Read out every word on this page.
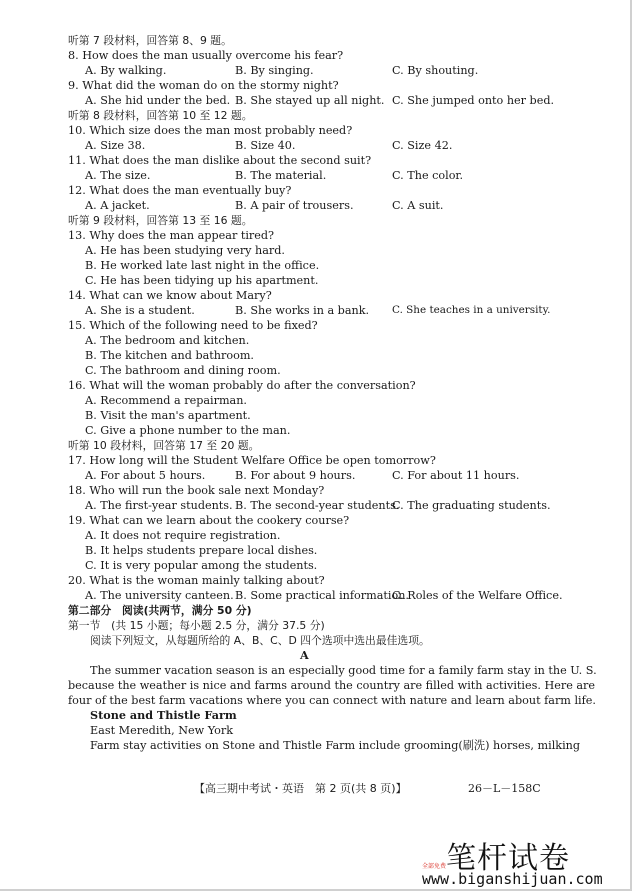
听第 7 段材料，回答第 8、9 题。
8. How does the man usually overcome his fear?
A. By walking.	B. By singing.	C. By shouting.
9. What did the woman do on the stormy night?
A. She hid under the bed. B. She stayed up all night. C. She jumped onto her bed.
听第 8 段材料，回答第 10 至 12 题。
10. Which size does the man most probably need?
A. Size 38.	B. Size 40.	C. Size 42.
11. What does the man dislike about the second suit?
A. The size.	B. The material.	C. The color.
12. What does the man eventually buy?
A. A jacket.	B. A pair of trousers.	C. A suit.
听第 9 段材料，回答第 13 至 16 题。
13. Why does the man appear tired?
A. He has been studying very hard.
B. He worked late last night in the office.
C. He has been tidying up his apartment.
14. What can we know about Mary?
A. She is a student.	B. She works in a bank. C. She teaches in a university.
15. Which of the following need to be fixed?
A. The bedroom and kitchen.
B. The kitchen and bathroom.
C. The bathroom and dining room.
16. What will the woman probably do after the conversation?
A. Recommend a repairman.
B. Visit the man's apartment.
C. Give a phone number to the man.
听第 10 段材料，回答第 17 至 20 题。
17. How long will the Student Welfare Office be open tomorrow?
A. For about 5 hours.	B. For about 9 hours.	C. For about 11 hours.
18. Who will run the book sale next Monday?
A. The first-year students. B. The second-year students.
C. The graduating students.
19. What can we learn about the cookery course?
A. It does not require registration.
B. It helps students prepare local dishes.
C. It is very popular among the students.
20. What is the woman mainly talking about?
A. The university canteen. B. Some practical information.
C. Roles of the Welfare Office.
第二部分　阅读(共两节，满分 50 分)
第一节　(共 15 小题；每小题 2.5 分，满分 37.5 分)
阅读下列短文，从每题所给的 A、B、C、D 四个选项中选出最佳选项。
A
The summer vacation season is an especially good time for a family farm stay in the U. S.
because the weather is nice and farms around the country are filled with activities. Here are
four of the best farm vacations where you can connect with nature and learn about farm life.
Stone and Thistle Farm
East Meredith, New York
Farm stay activities on Stone and Thistle Farm include grooming(刷洗) horses, milking
【高三期中考试・英语　第 2 页(共 8 页)】	26－L－158C
笔杆试卷
全部免费
www.biganshijuan.com
